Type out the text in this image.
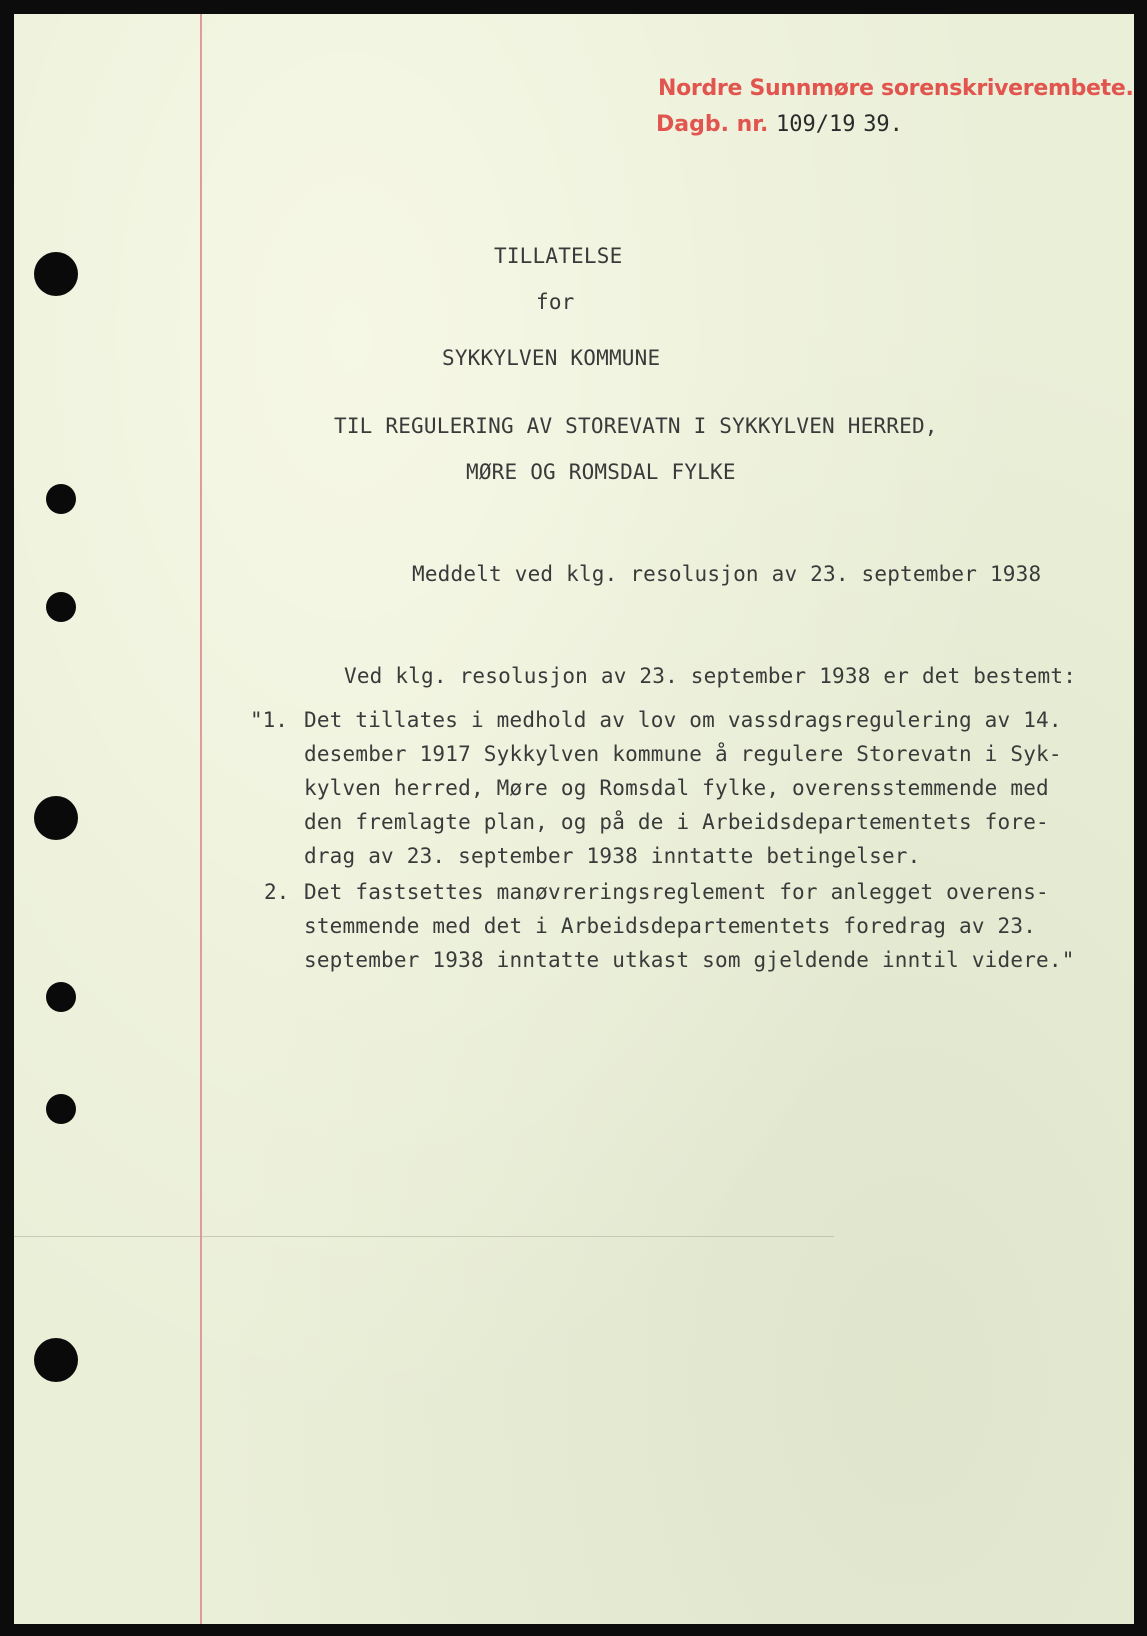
Nordre Sunnmøre sorenskriverembete.
Dagb. nr. 109/19 39.
TILLATELSE
for
SYKKYLVEN KOMMUNE
TIL REGULERING AV STOREVATN I SYKKYLVEN HERRED,
MØRE OG ROMSDAL FYLKE
Meddelt ved klg. resolusjon av 23. september 1938
Ved klg. resolusjon av 23. september 1938 er det bestemt:
"1. Det tillates i medhold av lov om vassdragsregulering av 14.
desember 1917 Sykkylven kommune å regulere Storevatn i Syk-
kylven herred, Møre og Romsdal fylke, overensstemmende med
den fremlagte plan, og på de i Arbeidsdepartementets fore-
drag av 23. september 1938 inntatte betingelser.
2. Det fastsettes manøvreringsreglement for anlegget overens-
stemmende med det i Arbeidsdepartementets foredrag av 23.
september 1938 inntatte utkast som gjeldende inntil videre."
